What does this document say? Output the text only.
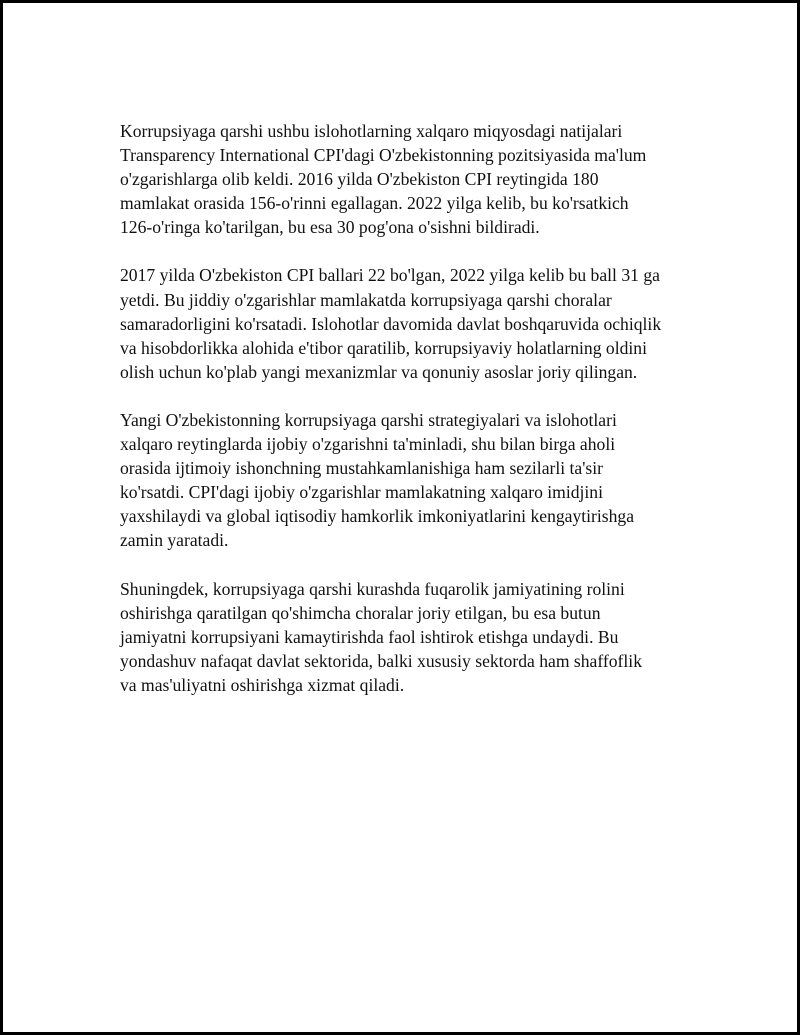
Korrupsiyaga qarshi ushbu islohotlarning xalqaro miqyosdagi natijalari
Transparency International CPI'dagi O'zbekistonning pozitsiyasida ma'lum
o'zgarishlarga olib keldi. 2016 yilda O'zbekiston CPI reytingida 180
mamlakat orasida 156-o'rinni egallagan. 2022 yilga kelib, bu ko'rsatkich
126-o'ringa ko'tarilgan, bu esa 30 pog'ona o'sishni bildiradi.

2017 yilda O'zbekiston CPI ballari 22 bo'lgan, 2022 yilga kelib bu ball 31 ga
yetdi. Bu jiddiy o'zgarishlar mamlakatda korrupsiyaga qarshi choralar
samaradorligini ko'rsatadi. Islohotlar davomida davlat boshqaruvida ochiqlik
va hisobdorlikka alohida e'tibor qaratilib, korrupsiyaviy holatlarning oldini
olish uchun ko'plab yangi mexanizmlar va qonuniy asoslar joriy qilingan.

Yangi O'zbekistonning korrupsiyaga qarshi strategiyalari va islohotlari
xalqaro reytinglarda ijobiy o'zgarishni ta'minladi, shu bilan birga aholi
orasida ijtimoiy ishonchning mustahkamlanishiga ham sezilarli ta'sir
ko'rsatdi. CPI'dagi ijobiy o'zgarishlar mamlakatning xalqaro imidjini
yaxshilaydi va global iqtisodiy hamkorlik imkoniyatlarini kengaytirishga
zamin yaratadi.

Shuningdek, korrupsiyaga qarshi kurashda fuqarolik jamiyatining rolini
oshirishga qaratilgan qo'shimcha choralar joriy etilgan, bu esa butun
jamiyatni korrupsiyani kamaytirishda faol ishtirok etishga undaydi. Bu
yondashuv nafaqat davlat sektorida, balki xususiy sektorda ham shaffoflik
va mas'uliyatni oshirishga xizmat qiladi.
